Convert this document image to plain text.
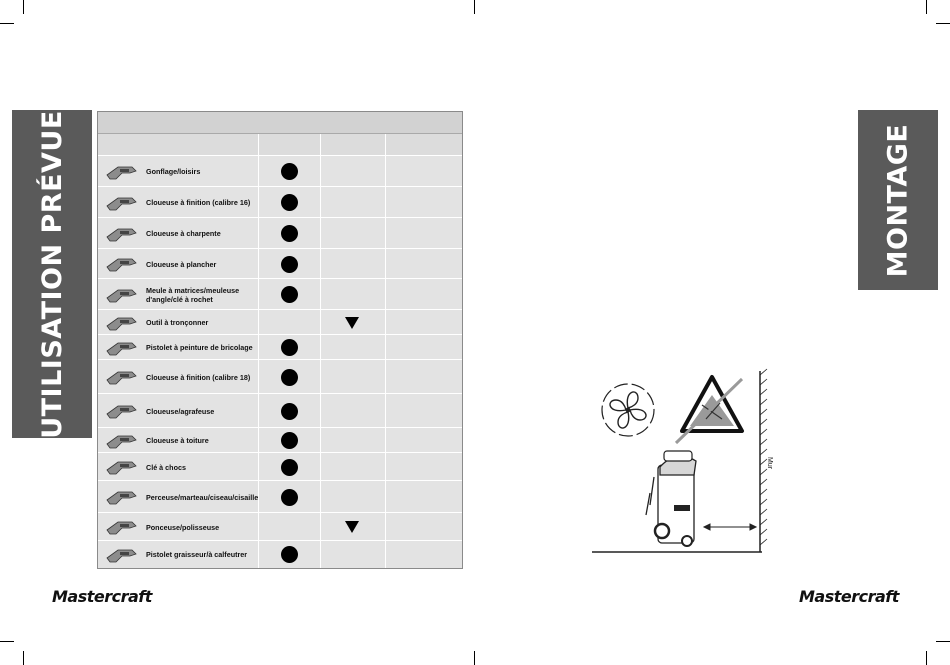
UTILISATION PRÉVUE	MONTAGE
Gonflage/loisirs
Cloueuse à finition (calibre 16)
Cloueuse à charpente
Cloueuse à plancher
Meule à matrices/meuleuse d'angle/clé à rochet
Outil à tronçonner
Pistolet à peinture de bricolage
Cloueuse à finition (calibre 18)
Cloueuse/agrafeuse
Cloueuse à toiture
Clé à chocs
Perceuse/marteau/ciseau/cisaille
Ponceuse/polisseuse
Pistolet graisseur/à calfeutrer
Mastercraft	Mastercraft
Mur
